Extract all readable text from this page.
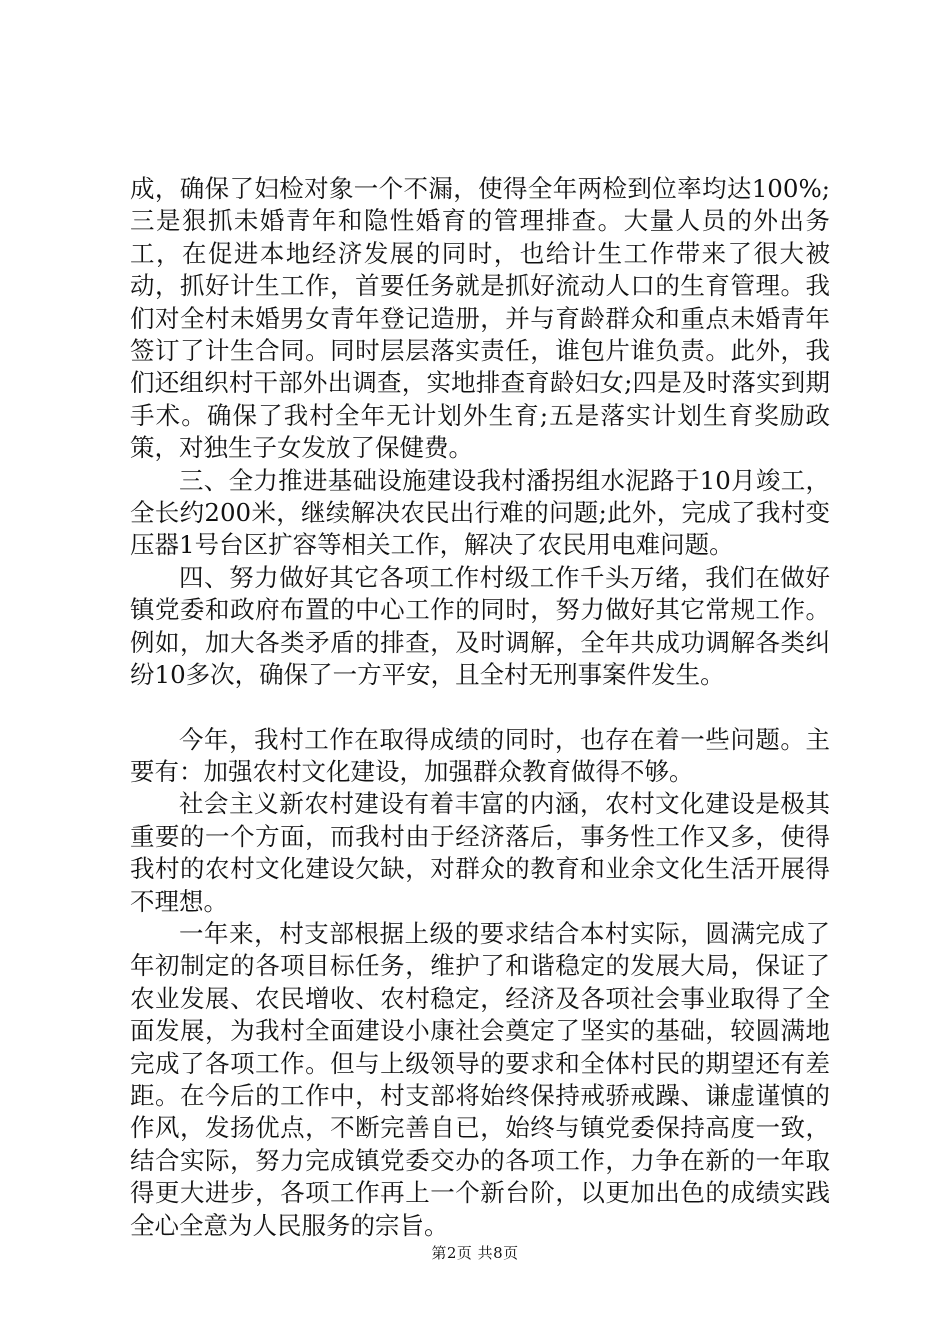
成，确保了妇检对象一个不漏，使得全年两检到位率均达100%;三是狠抓未婚青年和隐性婚育的管理排查。大量人员的外出务工，在促进本地经济发展的同时，也给计生工作带来了很大被动，抓好计生工作，首要任务就是抓好流动人口的生育管理。我们对全村未婚男女青年登记造册，并与育龄群众和重点未婚青年签订了计生合同。同时层层落实责任，谁包片谁负责。此外，我们还组织村干部外出调查，实地排查育龄妇女;四是及时落实到期手术。确保了我村全年无计划外生育;五是落实计划生育奖励政策，对独生子女发放了保健费。

三、全力推进基础设施建设我村潘拐组水泥路于10月竣工，全长约200米，继续解决农民出行难的问题;此外，完成了我村变压器1号台区扩容等相关工作，解决了农民用电难问题。

四、努力做好其它各项工作村级工作千头万绪，我们在做好镇党委和政府布置的中心工作的同时，努力做好其它常规工作。例如，加大各类矛盾的排查，及时调解，全年共成功调解各类纠纷10多次，确保了一方平安，且全村无刑事案件发生。

今年，我村工作在取得成绩的同时，也存在着一些问题。主要有：加强农村文化建设，加强群众教育做得不够。

社会主义新农村建设有着丰富的内涵，农村文化建设是极其重要的一个方面，而我村由于经济落后，事务性工作又多，使得我村的农村文化建设欠缺，对群众的教育和业余文化生活开展得不理想。

一年来，村支部根据上级的要求结合本村实际，圆满完成了年初制定的各项目标任务，维护了和谐稳定的发展大局，保证了农业发展、农民增收、农村稳定，经济及各项社会事业取得了全面发展，为我村全面建设小康社会奠定了坚实的基础，较圆满地完成了各项工作。但与上级领导的要求和全体村民的期望还有差距。在今后的工作中，村支部将始终保持戒骄戒躁、谦虚谨慎的作风，发扬优点，不断完善自已，始终与镇党委保持高度一致，结合实际，努力完成镇党委交办的各项工作，力争在新的一年取得更大进步，各项工作再上一个新台阶，以更加出色的成绩实践全心全意为人民服务的宗旨。

第2页 共8页
